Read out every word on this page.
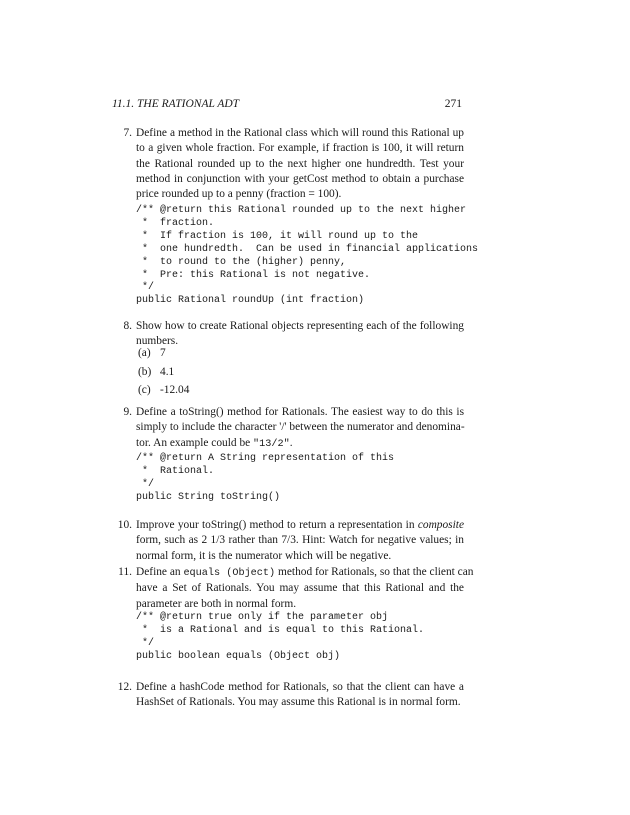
11.1. THE RATIONAL ADT	271
7. Define a method in the Rational class which will round this Rational up
to a given whole fraction. For example, if fraction is 100, it will return
the Rational rounded up to the next higher one hundredth. Test your
method in conjunction with your getCost method to obtain a purchase
price rounded up to a penny (fraction = 100).
/** @return this Rational rounded up to the next higher
*  fraction.
*  If fraction is 100, it will round up to the
*  one hundredth.  Can be used in financial applications
*  to round to the (higher) penny,
*  Pre: this Rational is not negative.
*/
public Rational roundUp (int fraction)
8. Show how to create Rational objects representing each of the following
numbers.
(a) 7
(b) 4.1
(c) -12.04
9. Define a toString() method for Rationals. The easiest way to do this is
simply to include the character '/' between the numerator and denomina-
tor. An example could be "13/2".
/** @return A String representation of this
*  Rational.
*/
public String toString()
10. Improve your toString() method to return a representation in composite
form, such as 2 1/3 rather than 7/3. Hint: Watch for negative values; in
normal form, it is the numerator which will be negative.
11. Define an equals (Object) method for Rationals, so that the client can
have a Set of Rationals. You may assume that this Rational and the
parameter are both in normal form.
/** @return true only if the parameter obj
*  is a Rational and is equal to this Rational.
*/
public boolean equals (Object obj)
12. Define a hashCode method for Rationals, so that the client can have a
HashSet of Rationals. You may assume this Rational is in normal form.
